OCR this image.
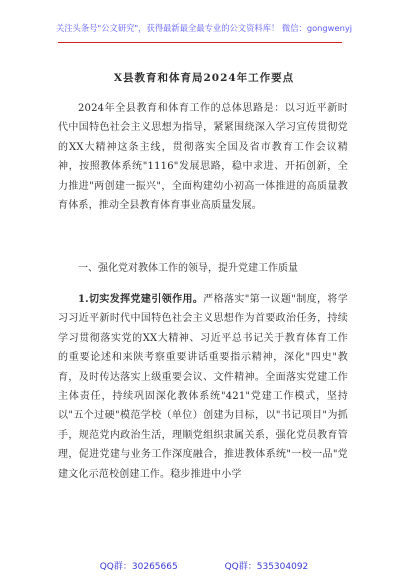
关注头条号"公文研究"，获得最新最全最专业的公文资料库！ 微信：gongwenyj
X县教育和体育局2024年工作要点

2024年全县教育和体育工作的总体思路是：以习近平新时代中国特色社会主义思想为指导，紧紧围绕深入学习宣传贯彻党的XX大精神这条主线，贯彻落实全国及省市教育工作会议精神，按照教体系统"1116"发展思路，稳中求进、开拓创新，全力推进"两创建一振兴"，全面构建幼小初高一体推进的高质量教育体系，推动全县教育体育事业高质量发展。

一、强化党对教体工作的领导，提升党建工作质量

1.切实发挥党建引领作用。严格落实"第一议题"制度，将学习习近平新时代中国特色社会主义思想作为首要政治任务，持续学习贯彻落实党的XX大精神、习近平总书记关于教育体育工作的重要论述和来陕考察重要讲话重要指示精神，深化"四史"教育，及时传达落实上级重要会议、文件精神。全面落实党建工作主体责任，持续巩固深化教体系统"421"党建工作模式，坚持以"五个过硬"模范学校（单位）创建为目标，以"书记项目"为抓手，规范党内政治生活，理顺党组织隶属关系，强化党员教育管理，促进党建与业务工作深度融合，推进教体系统"一校一品"党建文化示范校创建工作。稳步推进中小学

QQ群：30265665	QQ群：535304092
